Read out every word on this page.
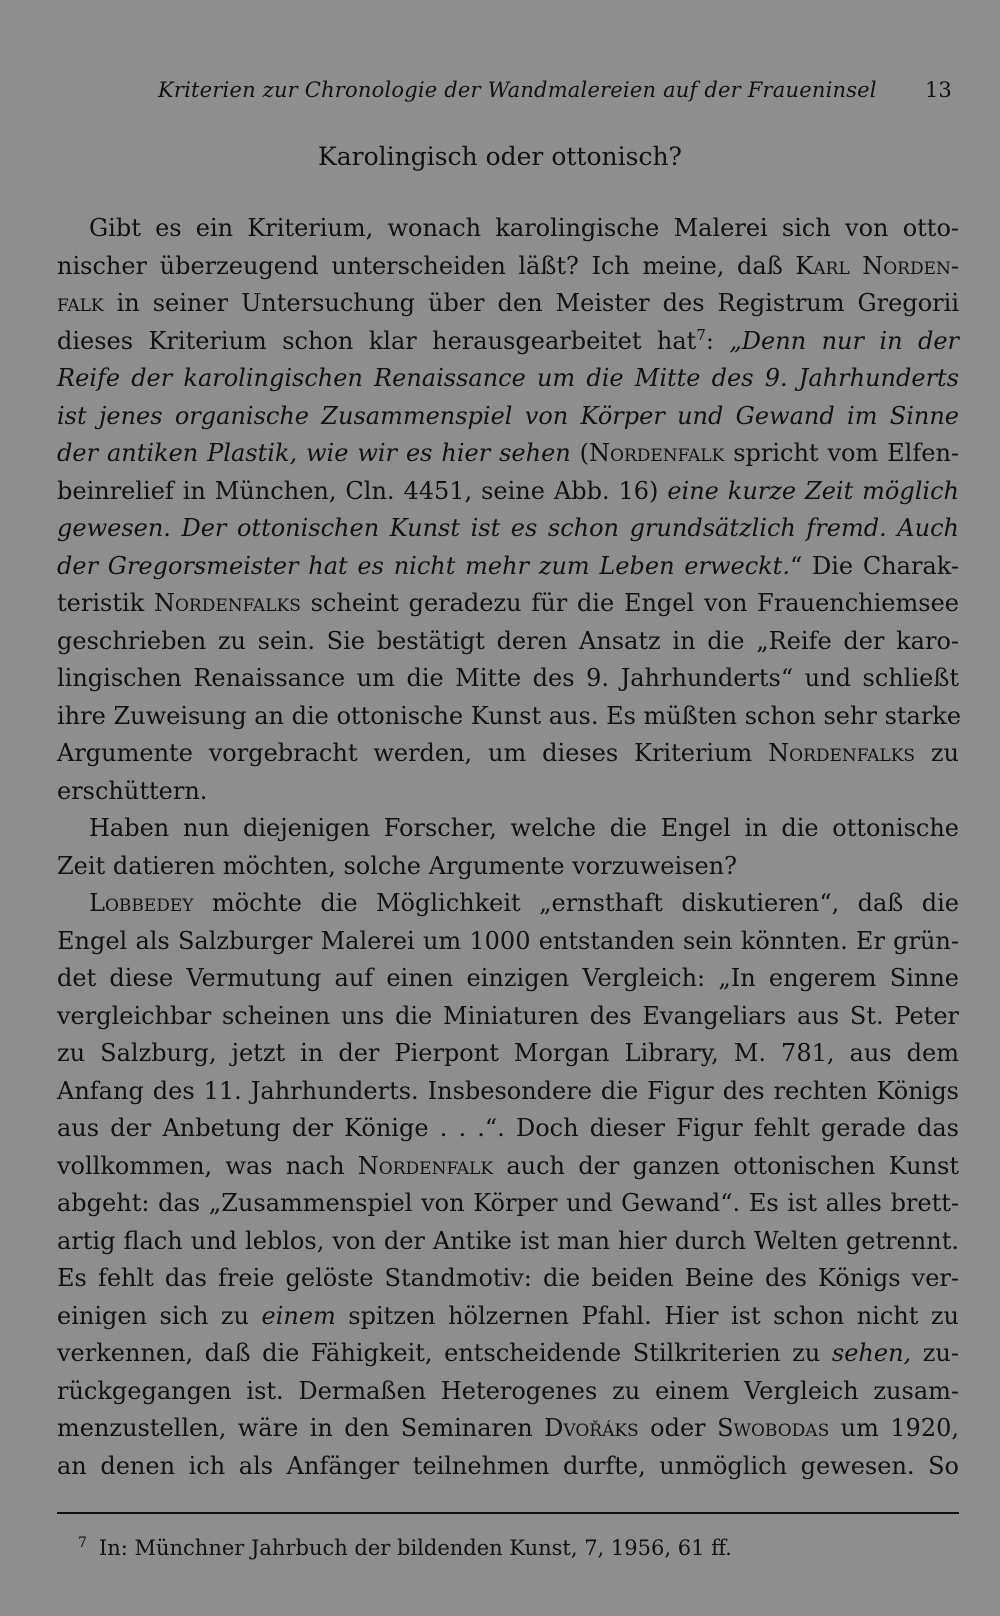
Kriterien zur Chronologie der Wandmalereien auf der Fraueninsel 13
Karolingisch oder ottonisch?
Gibt es ein Kriterium, wonach karolingische Malerei sich von otto-
nischer überzeugend unterscheiden läßt? Ich meine, daß Karl Norden-
falk in seiner Untersuchung über den Meister des Registrum Gregorii
dieses Kriterium schon klar herausgearbeitet hat$^7$: „Denn nur in der
Reife der karolingischen Renaissance um die Mitte des 9. Jahrhunderts
ist jenes organische Zusammenspiel von Körper und Gewand im Sinne
der antiken Plastik, wie wir es hier sehen (Nordenfalk spricht vom Elfen-
beinrelief in München, Cln. 4451, seine Abb. 16) eine kurze Zeit möglich
gewesen. Der ottonischen Kunst ist es schon grundsätzlich fremd. Auch
der Gregorsmeister hat es nicht mehr zum Leben erweckt.“ Die Charak-
teristik Nordenfalks scheint geradezu für die Engel von Frauenchiemsee
geschrieben zu sein. Sie bestätigt deren Ansatz in die „Reife der karo-
lingischen Renaissance um die Mitte des 9. Jahrhunderts“ und schließt
ihre Zuweisung an die ottonische Kunst aus. Es müßten schon sehr starke
Argumente vorgebracht werden, um dieses Kriterium Nordenfalks zu
erschüttern.
Haben nun diejenigen Forscher, welche die Engel in die ottonische
Zeit datieren möchten, solche Argumente vorzuweisen?
Lobbedey möchte die Möglichkeit „ernsthaft diskutieren“, daß die
Engel als Salzburger Malerei um 1000 entstanden sein könnten. Er grün-
det diese Vermutung auf einen einzigen Vergleich: „In engerem Sinne
vergleichbar scheinen uns die Miniaturen des Evangeliars aus St. Peter
zu Salzburg, jetzt in der Pierpont Morgan Library, M. 781, aus dem
Anfang des 11. Jahrhunderts. Insbesondere die Figur des rechten Königs
aus der Anbetung der Könige . . .“. Doch dieser Figur fehlt gerade das
vollkommen, was nach Nordenfalk auch der ganzen ottonischen Kunst
abgeht: das „Zusammenspiel von Körper und Gewand“. Es ist alles brett-
artig flach und leblos, von der Antike ist man hier durch Welten getrennt.
Es fehlt das freie gelöste Standmotiv: die beiden Beine des Königs ver-
einigen sich zu einem spitzen hölzernen Pfahl. Hier ist schon nicht zu
verkennen, daß die Fähigkeit, entscheidende Stilkriterien zu sehen, zu-
rückgegangen ist. Dermaßen Heterogenes zu einem Vergleich zusam-
menzustellen, wäre in den Seminaren Dvořáks oder Swobodas um 1920,
an denen ich als Anfänger teilnehmen durfte, unmöglich gewesen. So
$^7$ In: Münchner Jahrbuch der bildenden Kunst, 7, 1956, 61 ff.
